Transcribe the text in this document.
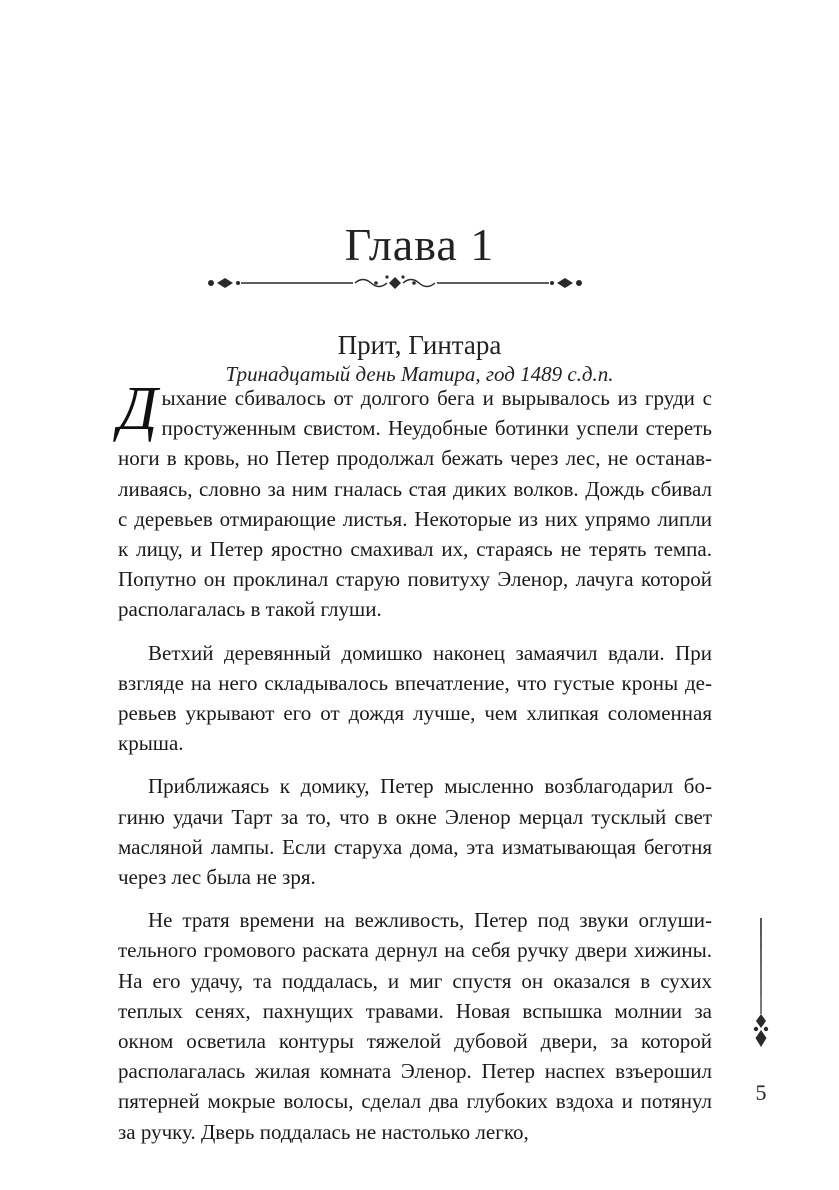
Глава 1
Прит, Гинтара
Тринадцатый день Матира, год 1489 с.д.п.

Дыхание сбивалось от долгого бега и вырывалось из груди с простуженным свистом. Неудобные ботинки успели стереть ноги в кровь, но Петер продолжал бежать через лес, не останавливаясь, словно за ним гналась стая диких волков. Дождь сбивал с деревьев отмирающие листья. Некоторые из них упрямо липли к лицу, и Петер яростно смахивал их, стараясь не терять темпа. Попутно он проклинал старую повитуху Эленор, лачуга которой располагалась в такой глуши.

Ветхий деревянный домишко наконец замаячил вдали. При взгляде на него складывалось впечатление, что густые кроны деревьев укрывают его от дождя лучше, чем хлипкая соломенная крыша.

Приближаясь к домику, Петер мысленно возблагодарил богиню удачи Тарт за то, что в окне Эленор мерцал тусклый свет масляной лампы. Если старуха дома, эта изматывающая беготня через лес была не зря.

Не тратя времени на вежливость, Петер под звуки оглушительного громового раската дернул на себя ручку двери хижины. На его удачу, та поддалась, и миг спустя он оказался в сухих теплых сенях, пахнущих травами. Новая вспышка молнии за окном осветила контуры тяжелой дубовой двери, за которой располагалась жилая комната Эленор. Петер наспех взъерошил пятерней мокрые волосы, сделал два глубоких вздоха и потянул за ручку. Дверь поддалась не настолько легко,

5
